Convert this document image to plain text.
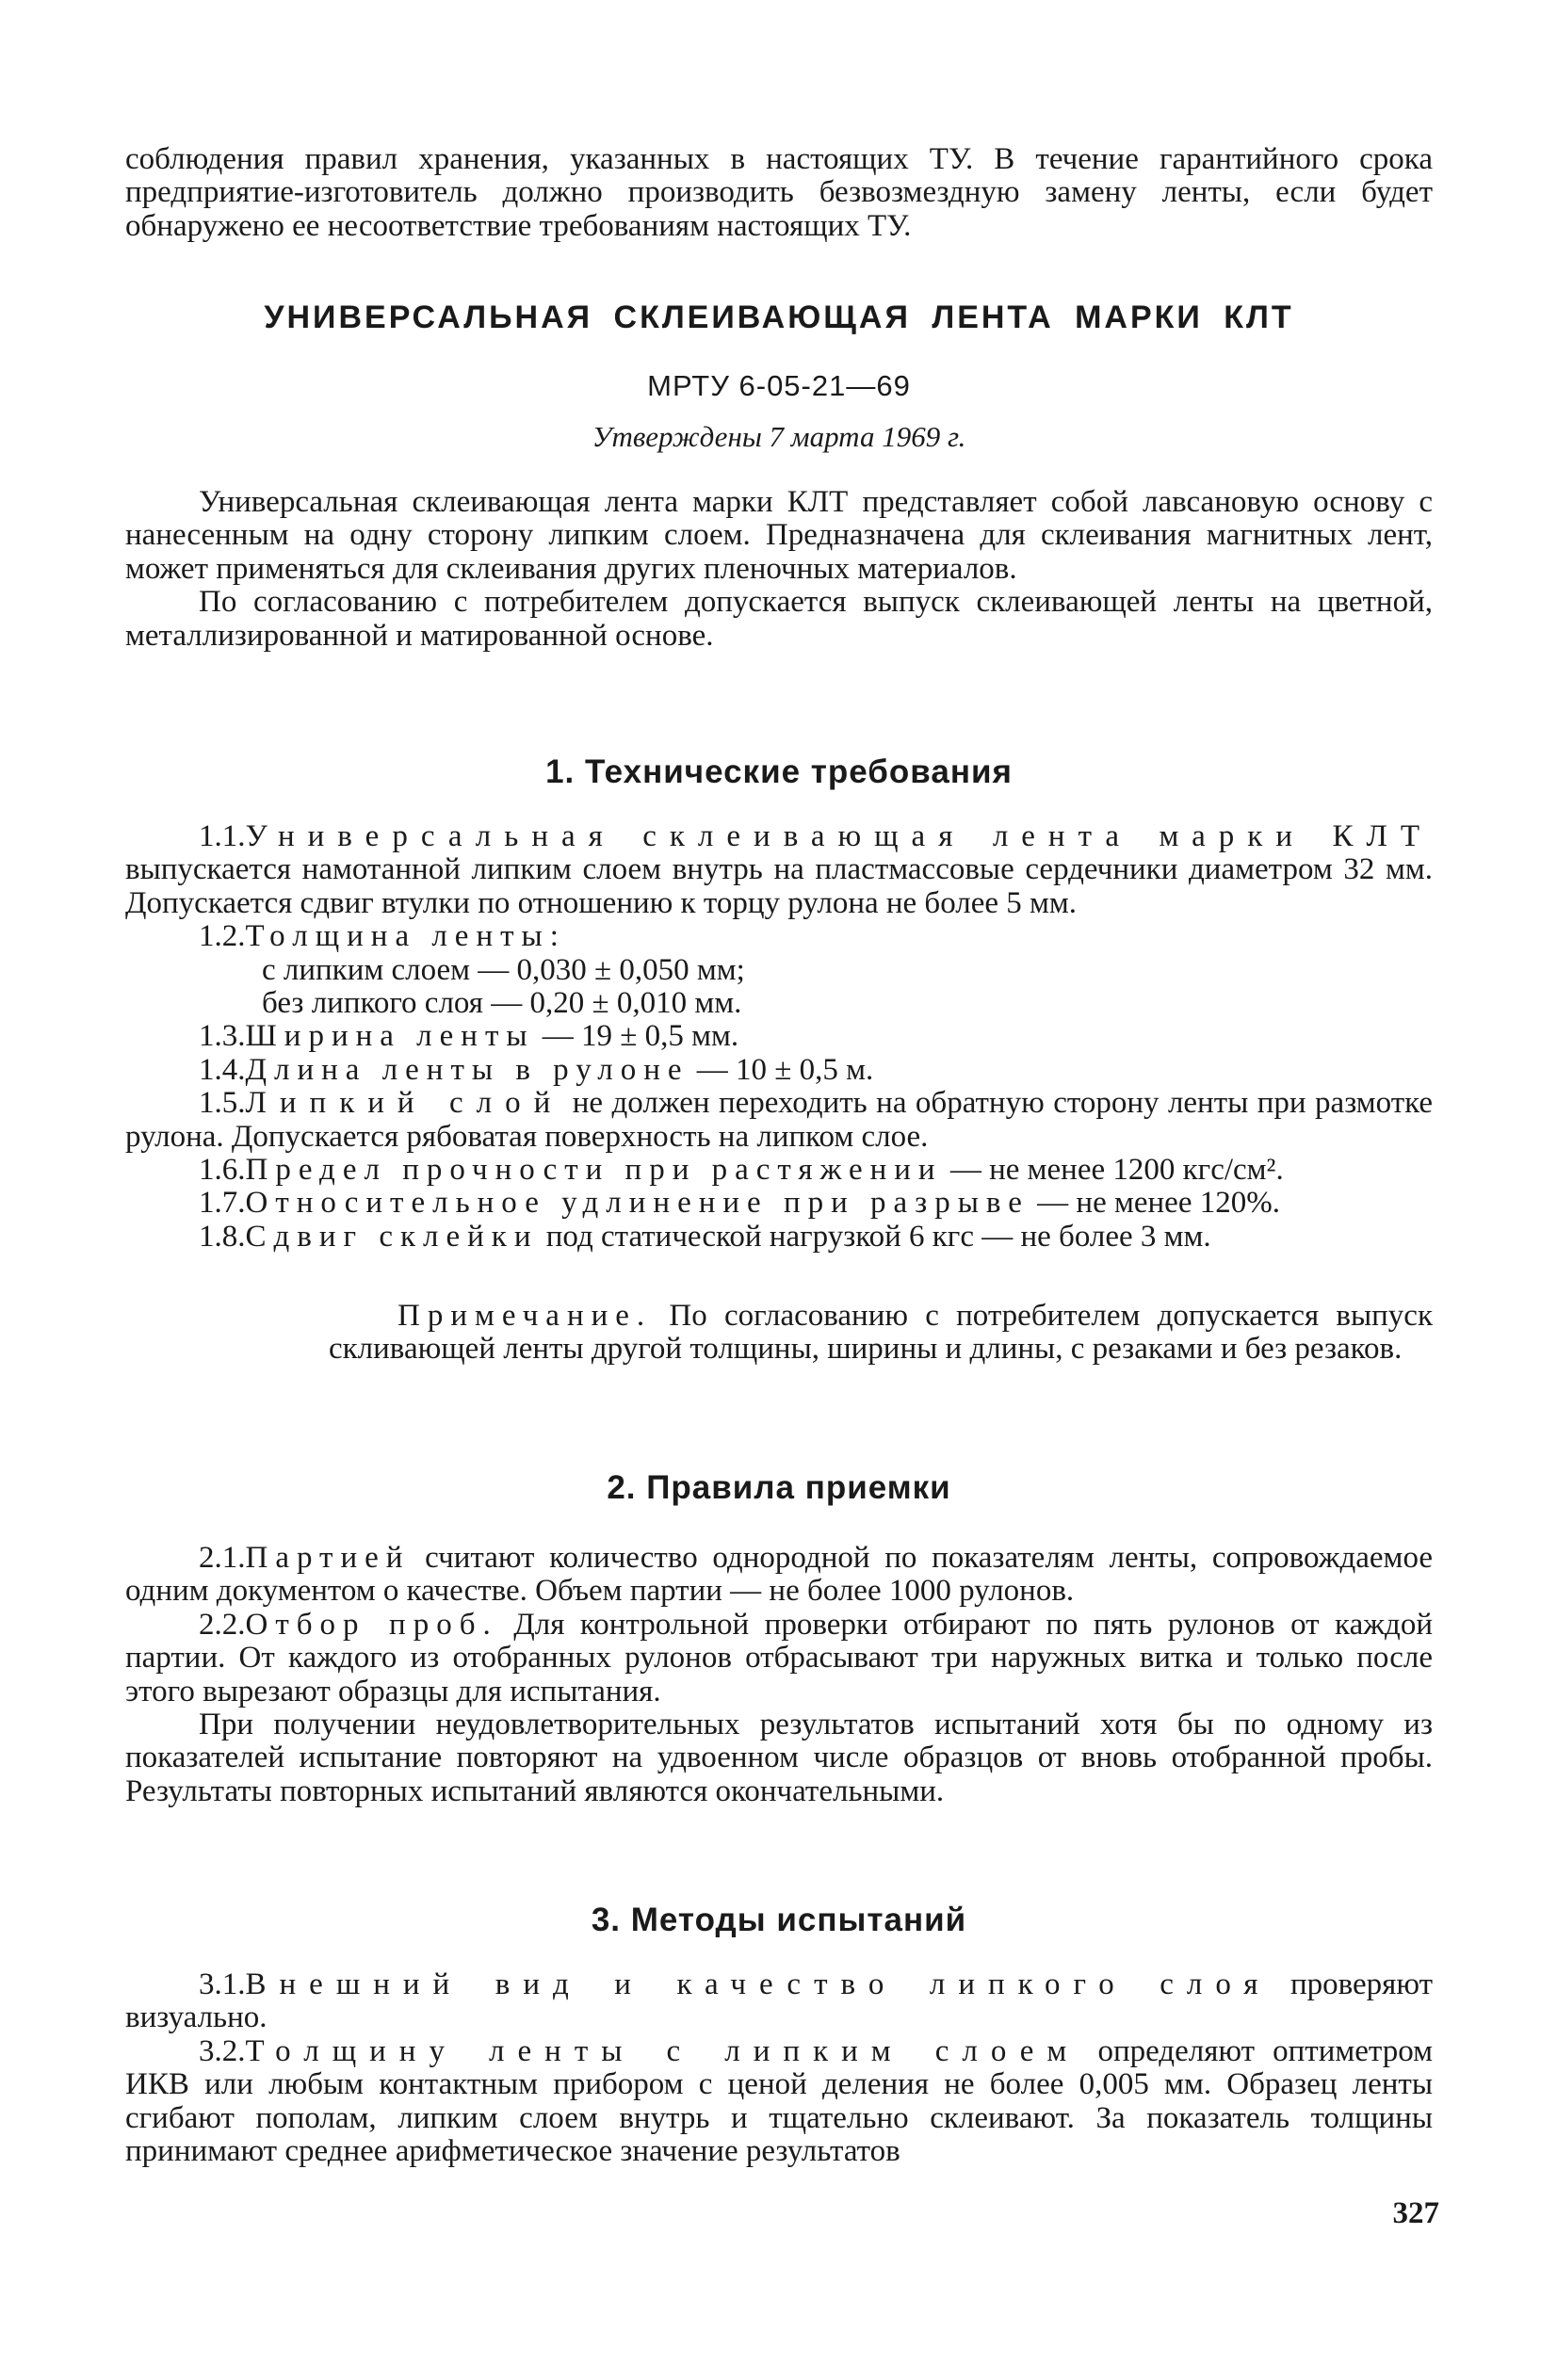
соблюдения правил хранения, указанных в настоящих ТУ. В течение гарантийного срока предприятие-изготовитель должно производить безвозмездную замену ленты, если будет обнаружено ее несоответствие требованиям настоящих ТУ.

УНИВЕРСАЛЬНАЯ СКЛЕИВАЮЩАЯ ЛЕНТА МАРКИ КЛТ
МРТУ 6-05-21—69
Утверждены 7 марта 1969 г.

Универсальная склеивающая лента марки КЛТ представляет собой лавсановую основу с нанесенным на одну сторону липким слоем. Предназначена для склеивания магнитных лент, может применяться для склеивания других пленочных материалов.

По согласованию с потребителем допускается выпуск склеивающей ленты на цветной, металлизированной и матированной основе.

1. Технические требования

1.1.Универсальная склеивающая лента марки КЛТ выпускается намотанной липким слоем внутрь на пластмассовые сердечники диаметром 32 мм. Допускается сдвиг втулки по отношению к торцу рулона не более 5 мм.

1.2.Толщина ленты:

с липким слоем — 0,030 ± 0,050 мм;

без липкого слоя — 0,20 ± 0,010 мм.

1.3.Ширина ленты — 19 ± 0,5 мм.

1.4.Длина ленты в рулоне — 10 ± 0,5 м.

1.5.Липкий слой не должен переходить на обратную сторону ленты при размотке рулона. Допускается рябоватая поверхность на липком слое.

1.6.Предел прочности при растяжении — не менее 1200 кгс/см².

1.7.Относительное удлинение при разрыве — не менее 120%.

1.8.Сдвиг склейки под статической нагрузкой 6 кгс — не более 3 мм.

Примечание. По согласованию с потребителем допускается выпуск скливающей ленты другой толщины, ширины и длины, с резаками и без резаков.

2. Правила приемки

2.1.Партией считают количество однородной по показателям ленты, сопровождаемое одним документом о качестве. Объем партии — не более 1000 рулонов.

2.2.Отбор проб. Для контрольной проверки отбирают по пять рулонов от каждой партии. От каждого из отобранных рулонов отбрасывают три наружных витка и только после этого вырезают образцы для испытания.

При получении неудовлетворительных результатов испытаний хотя бы по одному из показателей испытание повторяют на удвоенном числе образцов от вновь отобранной пробы. Результаты повторных испытаний являются окончательными.

3. Методы испытаний

3.1.Внешний вид и качество липкого слоя проверяют визуально.

3.2.Толщину ленты с липким слоем определяют оптиметром ИКВ или любым контактным прибором с ценой деления не более 0,005 мм. Образец ленты сгибают пополам, липким слоем внутрь и тщательно склеивают. За показатель толщины принимают среднее арифметическое значение результатов

327
